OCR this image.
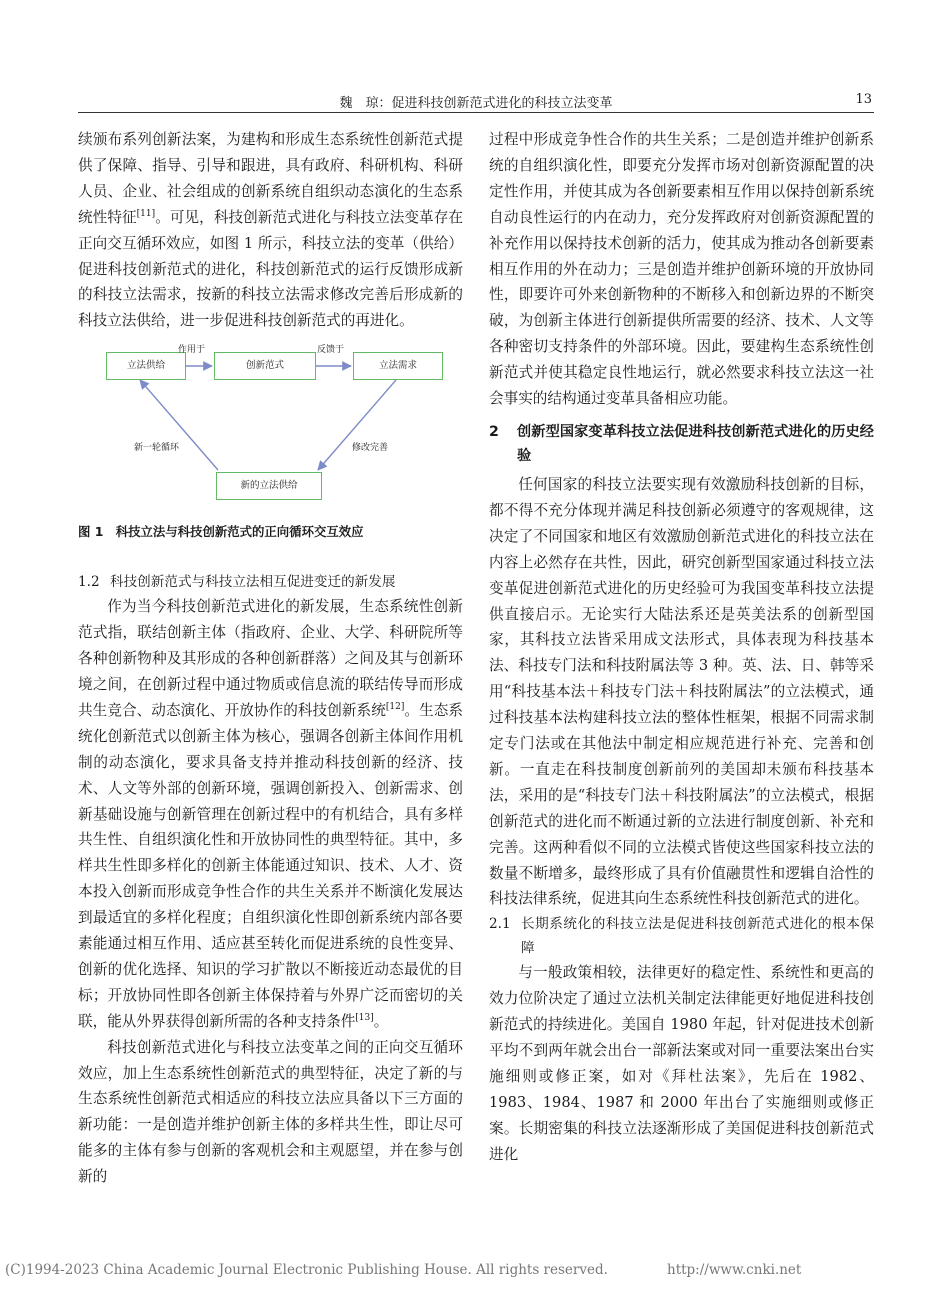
魏　琼：促进科技创新范式进化的科技立法变革	13

续颁布系列创新法案，为建构和形成生态系统性创新范式提供了保障、指导、引导和跟进，具有政府、科研机构、科研人员、企业、社会组成的创新系统自组织动态演化的生态系统性特征[11]。可见，科技创新范式进化与科技立法变革存在正向交互循环效应，如图 1 所示，科技立法的变革（供给）促进科技创新范式的进化，科技创新范式的运行反馈形成新的科技立法需求，按新的科技立法需求修改完善后形成新的科技立法供给，进一步促进科技创新范式的再进化。

立法供给	创新范式	立法需求
新的立法供给
作用于	反馈于
修改完善
新一轮循环
图 1　 科技立法与科技创新范式的正向循环交互效应
1.2 科技创新范式与科技立法相互促进变迁的新发展

作为当今科技创新范式进化的新发展，生态系统性创新范式指，联结创新主体（指政府、企业、大学、科研院所等各种创新物种及其形成的各种创新群落）之间及其与创新环境之间，在创新过程中通过物质或信息流的联结传导而形成共生竞合、动态演化、开放协作的科技创新系统[12]。生态系统化创新范式以创新主体为核心，强调各创新主体间作用机制的动态演化，要求具备支持并推动科技创新的经济、技术、人文等外部的创新环境，强调创新投入、创新需求、创新基础设施与创新管理在创新过程中的有机结合，具有多样共生性、自组织演化性和开放协同性的典型特征。其中，多样共生性即多样化的创新主体能通过知识、技术、人才、资本投入创新而形成竞争性合作的共生关系并不断演化发展达到最适宜的多样化程度；自组织演化性即创新系统内部各要素能通过相互作用、适应甚至转化而促进系统的良性变异、创新的优化选择、知识的学习扩散以不断接近动态最优的目标；开放协同性即各创新主体保持着与外界广泛而密切的关联，能从外界获得创新所需的各种支持条件[13]。

科技创新范式进化与科技立法变革之间的正向交互循环效应，加上生态系统性创新范式的典型特征，决定了新的与生态系统性创新范式相适应的科技立法应具备以下三方面的新功能：一是创造并维护创新主体的多样共生性，即让尽可能多的主体有参与创新的客观机会和主观愿望，并在参与创新的

过程中形成竞争性合作的共生关系；二是创造并维护创新系统的自组织演化性，即要充分发挥市场对创新资源配置的决定性作用，并使其成为各创新要素相互作用以保持创新系统自动良性运行的内在动力，充分发挥政府对创新资源配置的补充作用以保持技术创新的活力，使其成为推动各创新要素相互作用的外在动力；三是创造并维护创新环境的开放协同性，即要许可外来创新物种的不断移入和创新边界的不断突破，为创新主体进行创新提供所需要的经济、技术、人文等各种密切支持条件的外部环境。因此，要建构生态系统性创新范式并使其稳定良性地运行，就必然要求科技立法这一社会事实的结构通过变革具备相应功能。

2	创新型国家变革科技立法促进科技创新范式进化的历史经验

任何国家的科技立法要实现有效激励科技创新的目标，都不得不充分体现并满足科技创新必须遵守的客观规律，这决定了不同国家和地区有效激励创新范式进化的科技立法在内容上必然存在共性，因此，研究创新型国家通过科技立法变革促进创新范式进化的历史经验可为我国变革科技立法提供直接启示。无论实行大陆法系还是英美法系的创新型国家，其科技立法皆采用成文法形式，具体表现为科技基本法、科技专门法和科技附属法等 3 种。英、法、日、韩等采用“科技基本法＋科技专门法＋科技附属法”的立法模式，通过科技基本法构建科技立法的整体性框架，根据不同需求制定专门法或在其他法中制定相应规范进行补充、完善和创新。一直走在科技制度创新前列的美国却未颁布科技基本法，采用的是“科技专门法＋科技附属法”的立法模式，根据创新范式的进化而不断通过新的立法进行制度创新、补充和完善。这两种看似不同的立法模式皆使这些国家科技立法的数量不断增多，最终形成了具有价值融贯性和逻辑自洽性的科技法律系统，促进其向生态系统性科技创新范式的进化。

2.1 长期系统化的科技立法是促进科技创新范式进化的根本保障

与一般政策相较，法律更好的稳定性、系统性和更高的效力位阶决定了通过立法机关制定法律能更好地促进科技创新范式的持续进化。美国自 1980 年起，针对促进技术创新平均不到两年就会出台一部新法案或对同一重要法案出台实施细则或修正案，如对《拜杜法案》，先后在 1982、1983、1984、1987 和 2000 年出台了实施细则或修正案。长期密集的科技立法逐渐形成了美国促进科技创新范式进化

(C)1994-2023 China Academic Journal Electronic Publishing House. All rights reserved.	http://www.cnki.net
